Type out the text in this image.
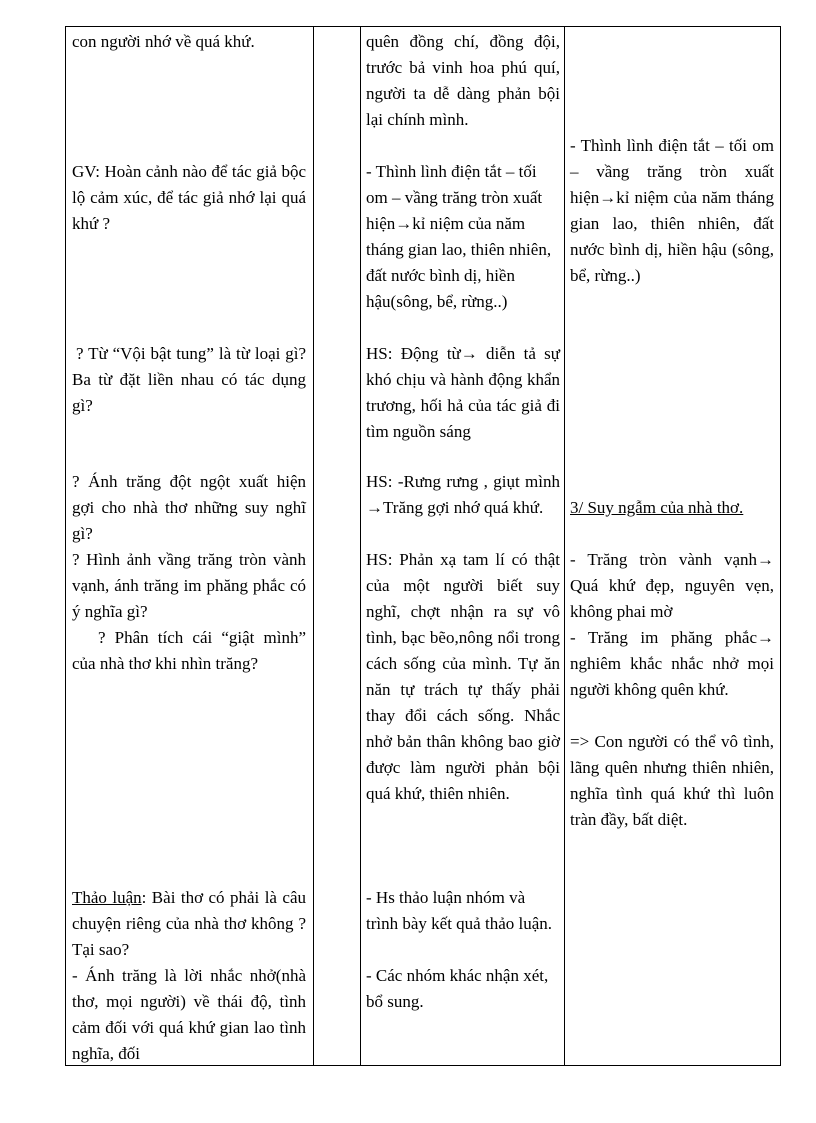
con người nhớ về quá khứ.

GV: Hoàn cảnh nào để tác giả bộc lộ cảm xúc, để tác giả nhớ lại quá khứ ?

? Từ “Vội bật tung” là từ loại gì? Ba từ đặt liền nhau có tác dụng gì?

? Ánh trăng đột ngột xuất hiện gợi cho nhà thơ những suy nghĩ gì?

? Hình ảnh vầng trăng tròn vành vạnh, ánh trăng im phăng phắc có ý nghĩa gì?

? Phân tích cái “giật mình” của nhà thơ khi nhìn trăng?

Thảo luận: Bài thơ có phải là câu chuyện riêng của nhà thơ không ? Tại sao?

- Ánh trăng là lời nhắc nhở(nhà thơ, mọi người) về thái độ, tình cảm đối với quá khứ gian lao tình nghĩa, đối

quên đồng chí, đồng đội, trước bả vinh hoa phú quí, người ta dễ dàng phản bội lại chính mình.

- Thình lình điện tắt – tối om – vầng trăng tròn xuất hiện→kỉ niệm của năm tháng gian lao, thiên nhiên, đất nước bình dị, hiền hậu(sông, bể, rừng..)

HS: Động từ→ diễn tả sự khó chịu và hành động khẩn trương, hối hả của tác giả đi tìm nguồn sáng

HS: -Rưng rưng , giụt mình →Trăng gợi nhớ quá khứ.

HS: Phản xạ tam lí có thật của một người biết suy nghĩ, chợt nhận ra sự vô tình, bạc bẽo,nông nổi trong cách sống của mình. Tự ăn năn tự trách tự thấy phải thay đổi cách sống. Nhắc nhở bản thân không bao giờ được làm người phản bội quá khứ, thiên nhiên.

- Hs thảo luận nhóm và trình bày kết quả thảo luận.

- Các nhóm khác nhận xét, bổ sung.

- Thình lình điện tắt – tối om – vầng trăng tròn xuất hiện→kỉ niệm của năm tháng gian lao, thiên nhiên, đất nước bình dị, hiền hậu (sông, bể, rừng..)

3/ Suy ngẫm của nhà thơ.

- Trăng tròn vành vạnh→ Quá khứ đẹp, nguyên vẹn, không phai mờ

- Trăng im phăng phắc→ nghiêm khắc nhắc nhở mọi người không quên khứ.

=> Con người có thể vô tình, lãng quên nhưng thiên nhiên, nghĩa tình quá khứ thì luôn tràn đầy, bất diệt.
